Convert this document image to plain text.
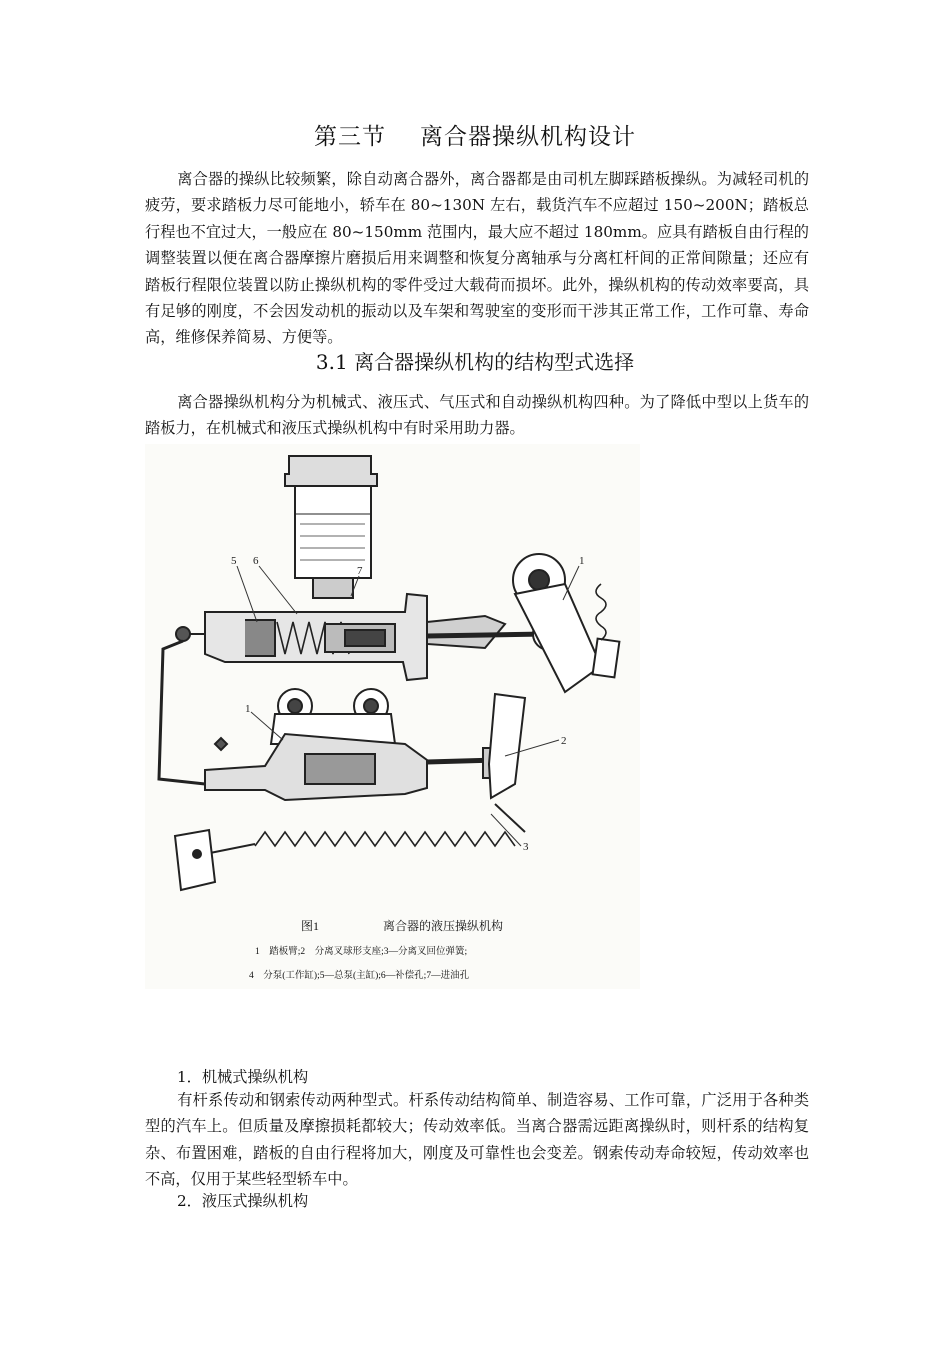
第三节 离合器操纵机构设计

离合器的操纵比较频繁，除自动离合器外，离合器都是由司机左脚踩踏板操纵。为减轻司机的疲劳，要求踏板力尽可能地小，轿车在 80~130N 左右，载货汽车不应超过 150~200N；踏板总行程也不宜过大，一般应在 80~150mm 范围内，最大应不超过 180mm。应具有踏板自由行程的调整装置以便在离合器摩擦片磨损后用来调整和恢复分离轴承与分离杠杆间的正常间隙量；还应有踏板行程限位装置以防止操纵机构的零件受过大载荷而损坏。此外，操纵机构的传动效率要高，具有足够的刚度，不会因发动机的振动以及车架和驾驶室的变形而干涉其正常工作，工作可靠、寿命高，维修保养简易、方便等。

3.1 离合器操纵机构的结构型式选择

离合器操纵机构分为机械式、液压式、气压式和自动操纵机构四种。为了降低中型以上货车的踏板力，在机械式和液压式操纵机构中有时采用助力器。

5 6
7
1
1
2
3
图1	离合器的液压操纵机构
1　踏板臂;2　分离叉球形支座;3—分离叉回位弹簧;
4　分泵(工作缸);5—总泵(主缸);6—补偿孔;7—进油孔

1．机械式操纵机构

有杆系传动和钢索传动两种型式。杆系传动结构简单、制造容易、工作可靠，广泛用于各种类型的汽车上。但质量及摩擦损耗都较大；传动效率低。当离合器需远距离操纵时，则杆系的结构复杂、布置困难，踏板的自由行程将加大，刚度及可靠性也会变差。钢索传动寿命较短，传动效率也不高，仅用于某些轻型轿车中。

2．液压式操纵机构
